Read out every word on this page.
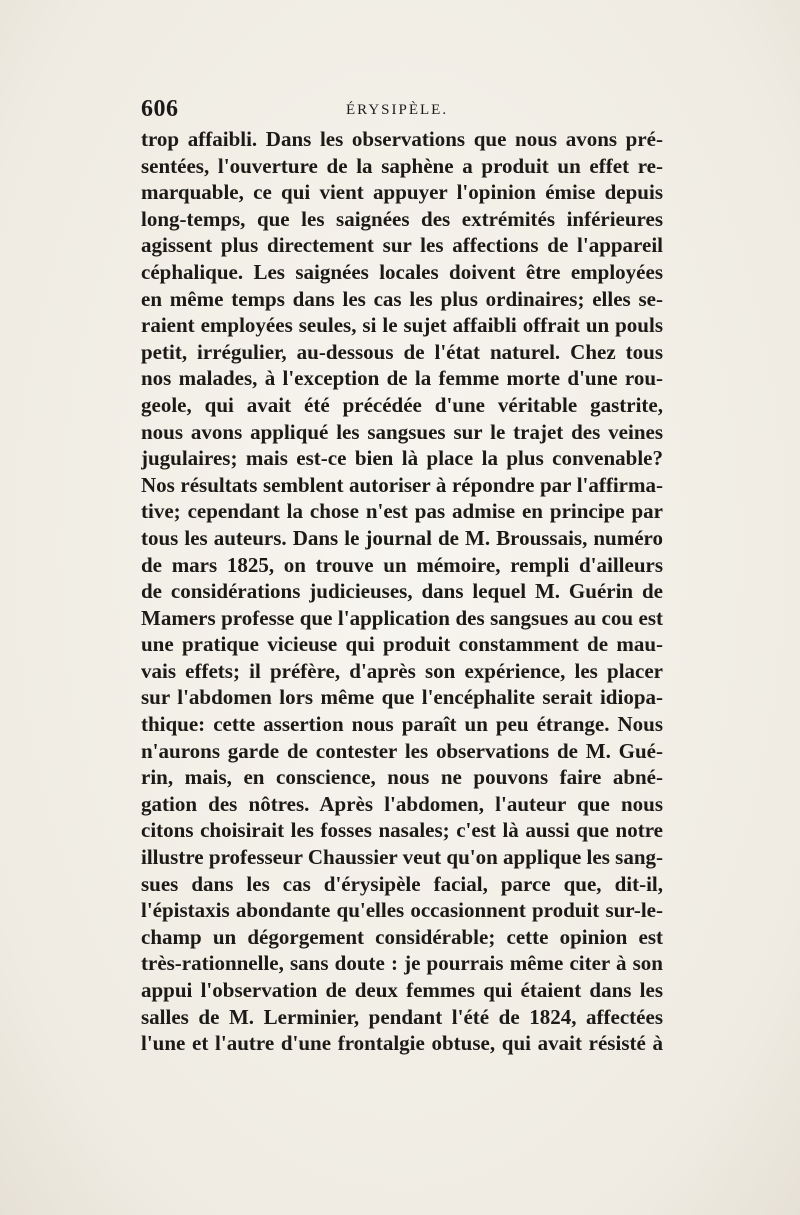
606	ÉRYSIPÈLE.
trop affaibli. Dans les observations que nous avons pré-
sentées, l'ouverture de la saphène a produit un effet re-
marquable, ce qui vient appuyer l'opinion émise depuis
long-temps, que les saignées des extrémités inférieures
agissent plus directement sur les affections de l'appareil
céphalique. Les saignées locales doivent être employées
en même temps dans les cas les plus ordinaires; elles se-
raient employées seules, si le sujet affaibli offrait un pouls
petit, irrégulier, au-dessous de l'état naturel. Chez tous
nos malades, à l'exception de la femme morte d'une rou-
geole, qui avait été précédée d'une véritable gastrite,
nous avons appliqué les sangsues sur le trajet des veines
jugulaires; mais est-ce bien là place la plus convenable?
Nos résultats semblent autoriser à répondre par l'affirma-
tive; cependant la chose n'est pas admise en principe par
tous les auteurs. Dans le journal de M. Broussais, numéro
de mars 1825, on trouve un mémoire, rempli d'ailleurs
de considérations judicieuses, dans lequel M. Guérin de
Mamers professe que l'application des sangsues au cou est
une pratique vicieuse qui produit constamment de mau-
vais effets; il préfère, d'après son expérience, les placer
sur l'abdomen lors même que l'encéphalite serait idiopa-
thique: cette assertion nous paraît un peu étrange. Nous
n'aurons garde de contester les observations de M. Gué-
rin, mais, en conscience, nous ne pouvons faire abné-
gation des nôtres. Après l'abdomen, l'auteur que nous
citons choisirait les fosses nasales; c'est là aussi que notre
illustre professeur Chaussier veut qu'on applique les sang-
sues dans les cas d'érysipèle facial, parce que, dit-il,
l'épistaxis abondante qu'elles occasionnent produit sur-le-
champ un dégorgement considérable; cette opinion est
très-rationnelle, sans doute : je pourrais même citer à son
appui l'observation de deux femmes qui étaient dans les
salles de M. Lerminier, pendant l'été de 1824, affectées
l'une et l'autre d'une frontalgie obtuse, qui avait résisté à
